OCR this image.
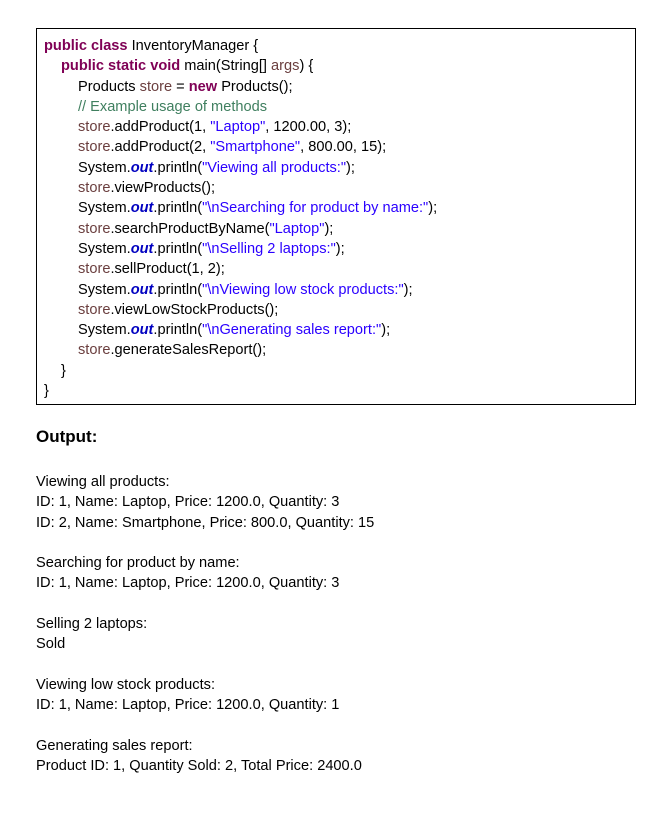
public class InventoryManager {
public static void main(String[] args) {
Products store = new Products();
// Example usage of methods
store.addProduct(1, "Laptop", 1200.00, 3);
store.addProduct(2, "Smartphone", 800.00, 15);
System.out.println("Viewing all products:");
store.viewProducts();
System.out.println("\nSearching for product by name:");
store.searchProductByName("Laptop");
System.out.println("\nSelling 2 laptops:");
store.sellProduct(1, 2);
System.out.println("\nViewing low stock products:");
store.viewLowStockProducts();
System.out.println("\nGenerating sales report:");
store.generateSalesReport();
}
}
Output:
Viewing all products:
ID: 1, Name: Laptop, Price: 1200.0, Quantity: 3
ID: 2, Name: Smartphone, Price: 800.0, Quantity: 15
Searching for product by name:
ID: 1, Name: Laptop, Price: 1200.0, Quantity: 3
Selling 2 laptops:
Sold
Viewing low stock products:
ID: 1, Name: Laptop, Price: 1200.0, Quantity: 1
Generating sales report:
Product ID: 1, Quantity Sold: 2, Total Price: 2400.0
